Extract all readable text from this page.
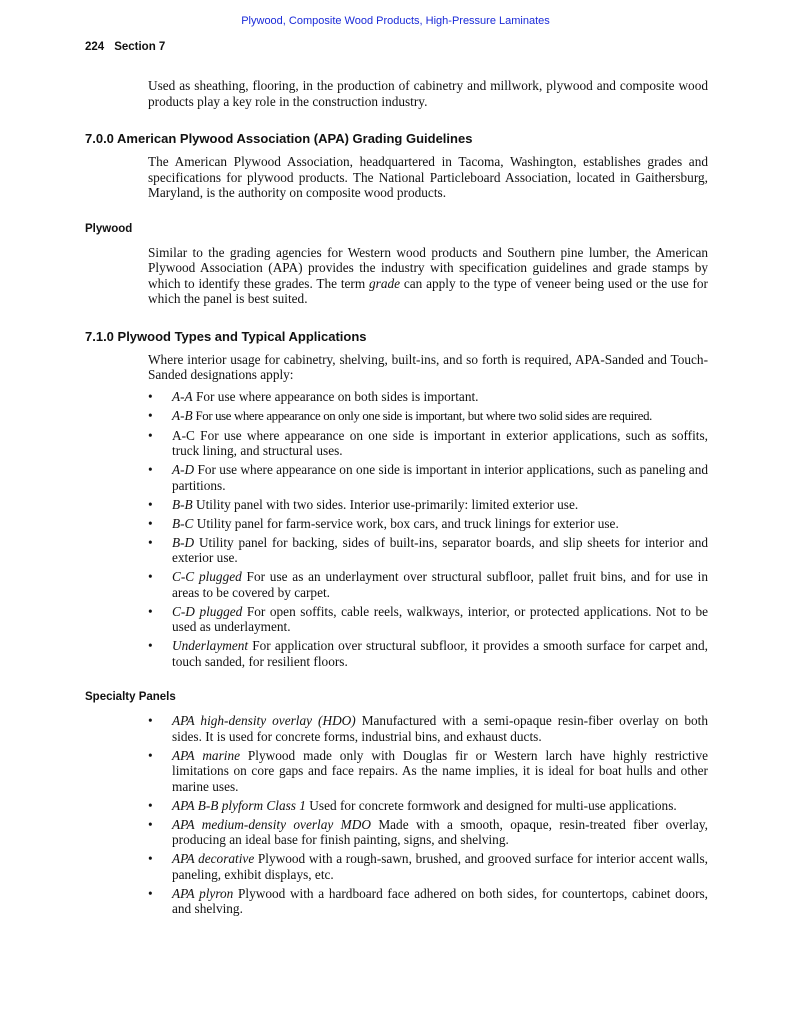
Plywood, Composite Wood Products, High-Pressure Laminates
224 Section 7

Used as sheathing, flooring, in the production of cabinetry and millwork, plywood and composite wood products play a key role in the construction industry.

7.0.0 American Plywood Association (APA) Grading Guidelines

The American Plywood Association, headquartered in Tacoma, Washington, establishes grades and specifications for plywood products. The National Particleboard Association, located in Gaithersburg, Maryland, is the authority on composite wood products.

Plywood

Similar to the grading agencies for Western wood products and Southern pine lumber, the American Plywood Association (APA) provides the industry with specification guidelines and grade stamps by which to identify these grades. The term grade can apply to the type of veneer being used or the use for which the panel is best suited.

7.1.0 Plywood Types and Typical Applications

Where interior usage for cabinetry, shelving, built-ins, and so forth is required, APA-Sanded and Touch-Sanded designations apply:

• A-A For use where appearance on both sides is important.
• A-B For use where appearance on only one side is important, but where two solid sides are required.
• A-C For use where appearance on one side is important in exterior applications, such as soffits, truck lining, and structural uses.
• A-D For use where appearance on one side is important in interior applications, such as paneling and partitions.
• B-B Utility panel with two sides. Interior use-primarily: limited exterior use.
• B-C Utility panel for farm-service work, box cars, and truck linings for exterior use.
• B-D Utility panel for backing, sides of built-ins, separator boards, and slip sheets for interior and exterior use.
• C-C plugged For use as an underlayment over structural subfloor, pallet fruit bins, and for use in areas to be covered by carpet.
• C-D plugged For open soffits, cable reels, walkways, interior, or protected applications. Not to be used as underlayment.
• Underlayment For application over structural subfloor, it provides a smooth surface for carpet and, touch sanded, for resilient floors.
Specialty Panels
• APA high-density overlay (HDO) Manufactured with a semi-opaque resin-fiber overlay on both sides. It is used for concrete forms, industrial bins, and exhaust ducts.
• APA marine Plywood made only with Douglas fir or Western larch have highly restrictive limitations on core gaps and face repairs. As the name implies, it is ideal for boat hulls and other marine uses.
• APA B-B plyform Class 1 Used for concrete formwork and designed for multi-use applications.
• APA medium-density overlay MDO Made with a smooth, opaque, resin-treated fiber overlay, producing an ideal base for finish painting, signs, and shelving.
• APA decorative Plywood with a rough-sawn, brushed, and grooved surface for interior accent walls, paneling, exhibit displays, etc.
• APA plyron Plywood with a hardboard face adhered on both sides, for countertops, cabinet doors, and shelving.
